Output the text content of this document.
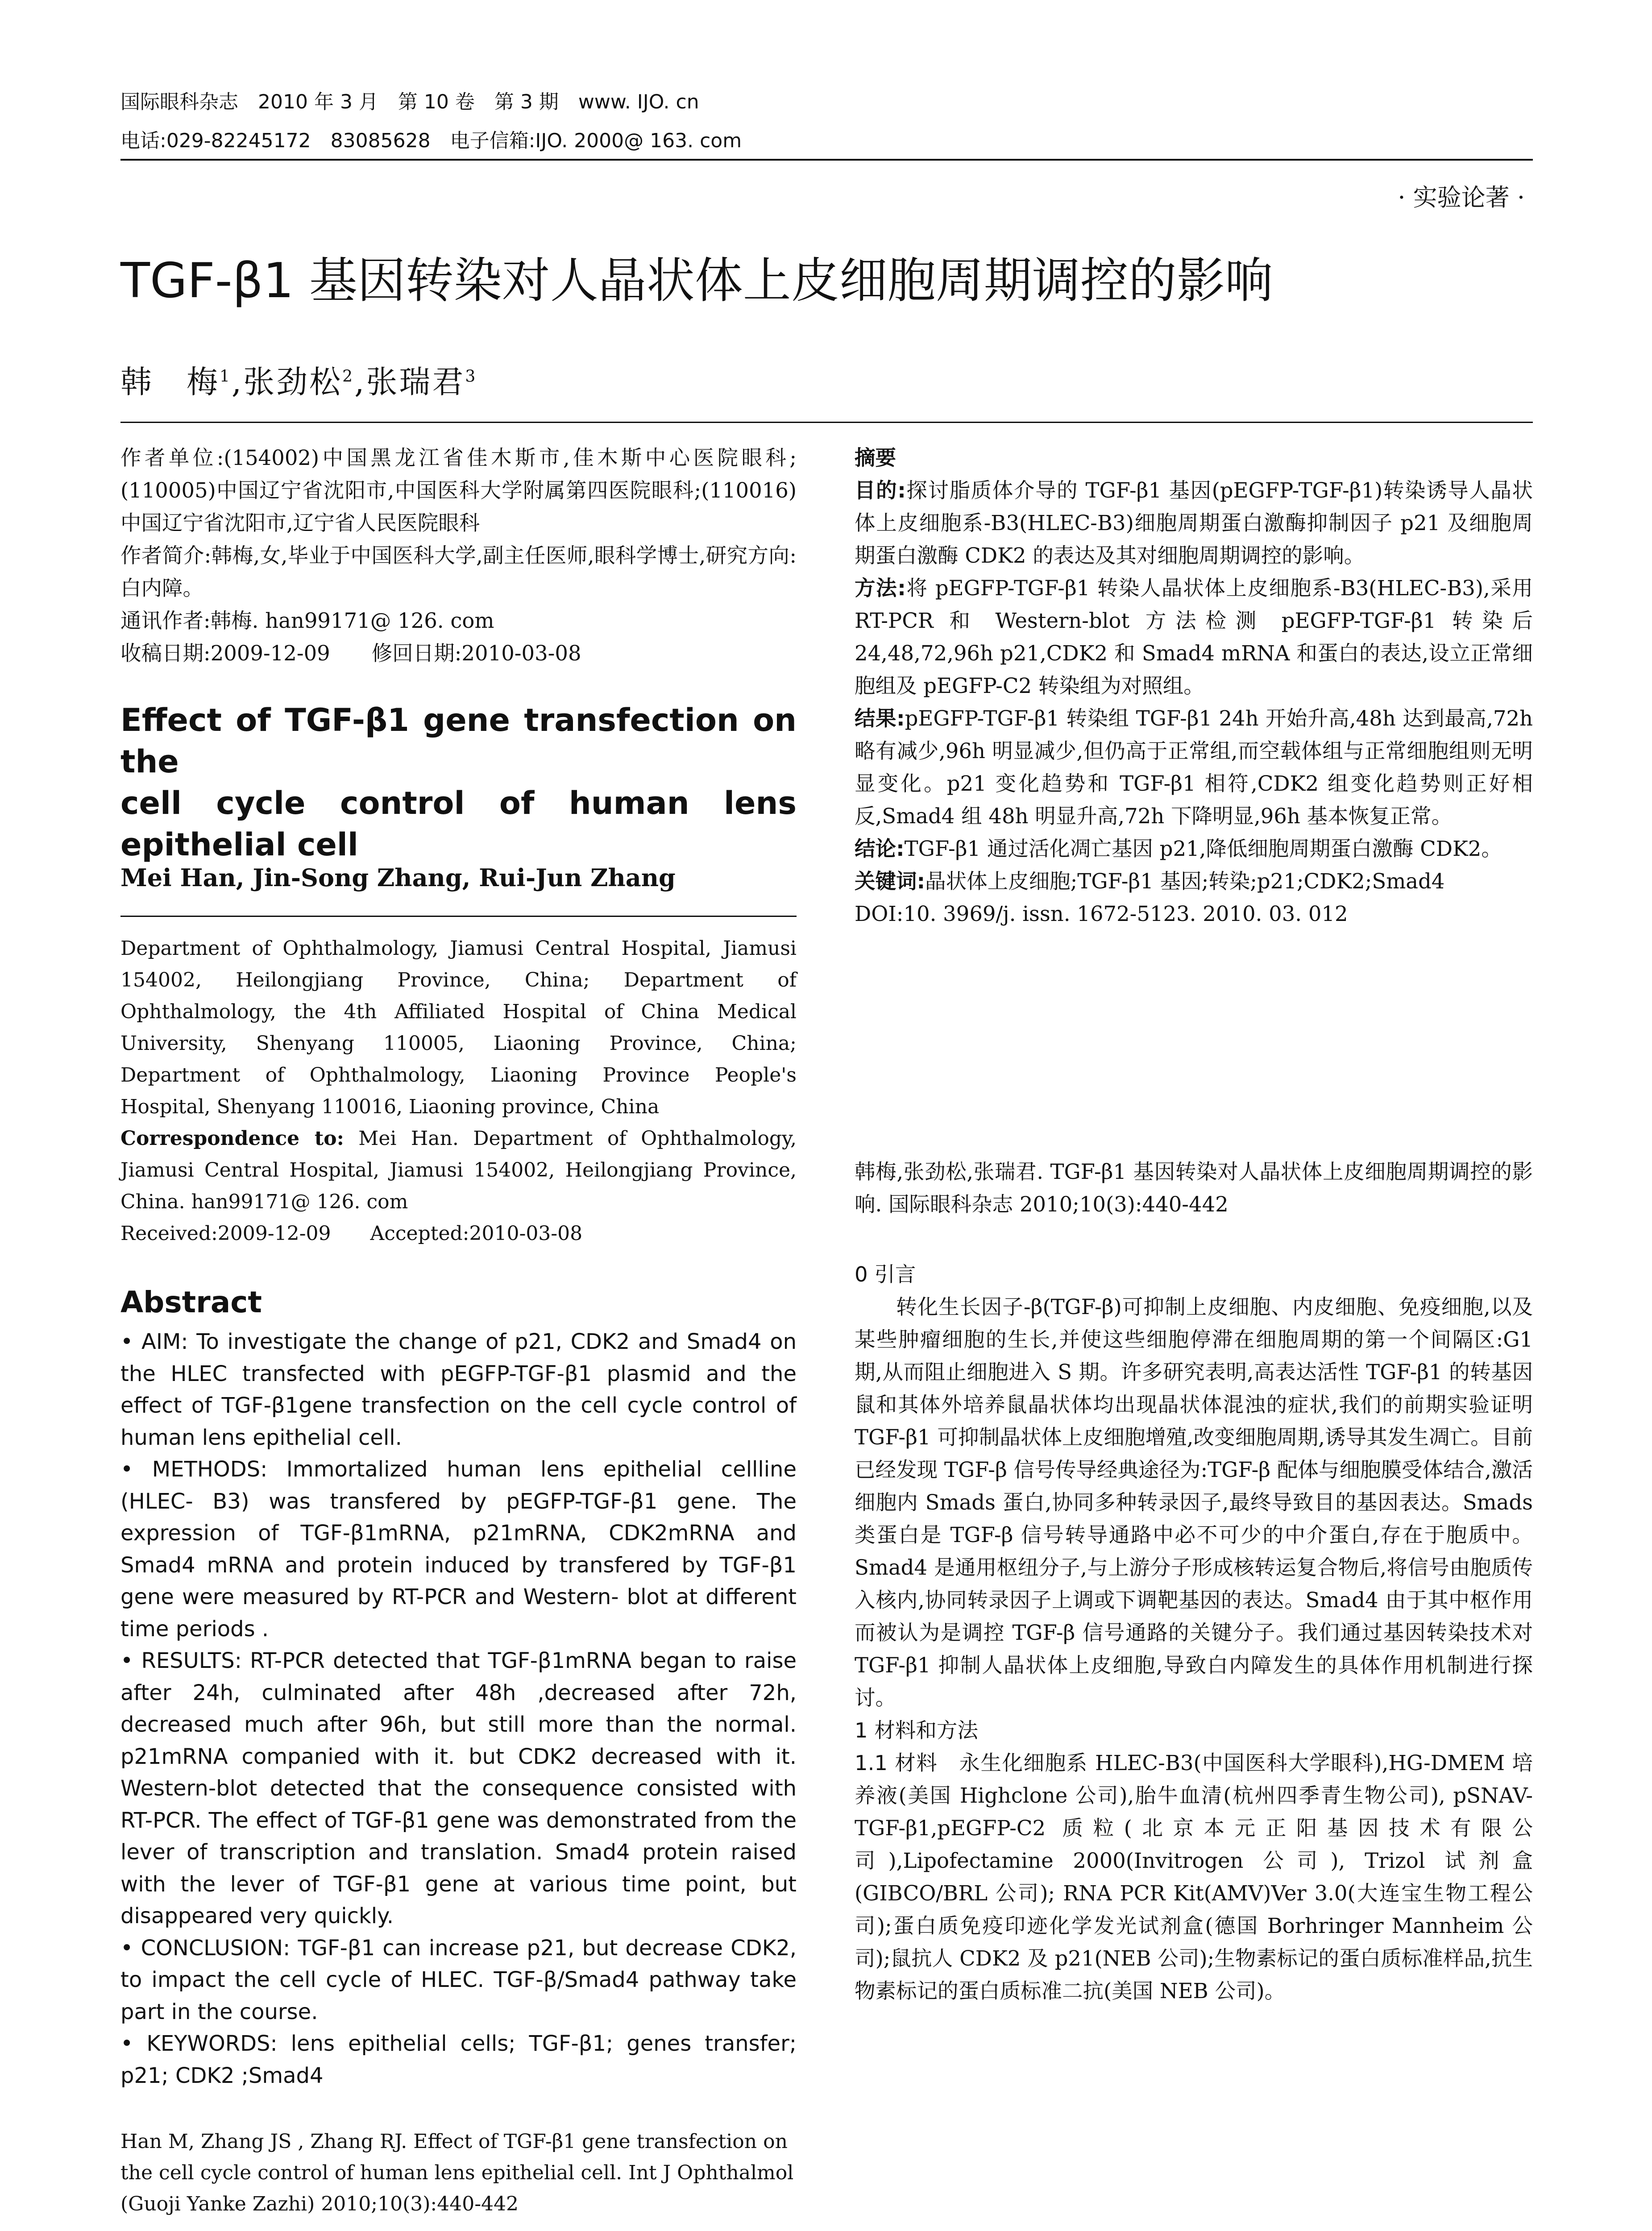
国际眼科杂志　2010 年 3 月　第 10 卷　第 3 期　www. IJO. cn
电话:029-82245172　83085628　电子信箱:IJO. 2000@ 163. com
· 实验论著 ·
TGF-β1 基因转染对人晶状体上皮细胞周期调控的影响
韩　梅$^1$,张劲松$^2$,张瑞君$^3$

作者单位:(154002)中国黑龙江省佳木斯市,佳木斯中心医院眼科;(110005)中国辽宁省沈阳市,中国医科大学附属第四医院眼科;(110016)中国辽宁省沈阳市,辽宁省人民医院眼科

作者简介:韩梅,女,毕业于中国医科大学,副主任医师,眼科学博士,研究方向:白内障。

通讯作者:韩梅. han99171@ 126. com

收稿日期:2009-12-09　　修回日期:2010-03-08

Effect of TGF-β1 gene transfection on the
cell cycle control of human lens
epithelial cell
Mei Han, Jin-Song Zhang, Rui-Jun Zhang

Department of Ophthalmology, Jiamusi Central Hospital, Jiamusi 154002, Heilongjiang Province, China; Department of Ophthalmology, the 4th Affiliated Hospital of China Medical University, Shenyang 110005, Liaoning Province, China; Department of Ophthalmology, Liaoning Province People's Hospital, Shenyang 110016, Liaoning province, China

Correspondence to: Mei Han. Department of Ophthalmology, Jiamusi Central Hospital, Jiamusi 154002, Heilongjiang Province, China. han99171@ 126. com

Received:2009-12-09　　Accepted:2010-03-08

Abstract

• AIM: To investigate the change of p21, CDK2 and Smad4 on the HLEC transfected with pEGFP-TGF-β1 plasmid and the effect of TGF-β1gene transfection on the cell cycle control of human lens epithelial cell.

• METHODS: Immortalized human lens epithelial cellline (HLEC- B3) was transfered by pEGFP-TGF-β1 gene. The expression of TGF-β1mRNA, p21mRNA, CDK2mRNA and Smad4 mRNA and protein induced by transfered by TGF-β1 gene were measured by RT-PCR and Western- blot at different time periods .

• RESULTS: RT-PCR detected that TGF-β1mRNA began to raise after 24h, culminated after 48h ,decreased after 72h, decreased much after 96h, but still more than the normal. p21mRNA companied with it. but CDK2 decreased with it. Western-blot detected that the consequence consisted with RT-PCR. The effect of TGF-β1 gene was demonstrated from the lever of transcription and translation. Smad4 protein raised with the lever of TGF-β1 gene at various time point, but disappeared very quickly.

• CONCLUSION: TGF-β1 can increase p21, but decrease CDK2, to impact the cell cycle of HLEC. TGF-β/Smad4 pathway take part in the course.

• KEYWORDS: lens epithelial cells; TGF-β1; genes transfer; p21; CDK2 ;Smad4

Han M, Zhang JS , Zhang RJ. Effect of TGF-β1 gene transfection on the cell cycle control of human lens epithelial cell. Int J Ophthalmol (Guoji Yanke Zazhi) 2010;10(3):440-442

摘要

目的:探讨脂质体介导的 TGF-β1 基因(pEGFP-TGF-β1)转染诱导人晶状体上皮细胞系-B3(HLEC-B3)细胞周期蛋白激酶抑制因子 p21 及细胞周期蛋白激酶 CDK2 的表达及其对细胞周期调控的影响。

方法:将 pEGFP-TGF-β1 转染人晶状体上皮细胞系-B3(HLEC-B3),采用 RT-PCR 和 Western-blot 方法检测 pEGFP-TGF-β1 转染后 24,48,72,96h p21,CDK2 和 Smad4 mRNA 和蛋白的表达,设立正常细胞组及 pEGFP-C2 转染组为对照组。

结果:pEGFP-TGF-β1 转染组 TGF-β1 24h 开始升高,48h 达到最高,72h 略有减少,96h 明显减少,但仍高于正常组,而空载体组与正常细胞组则无明显变化。p21 变化趋势和 TGF-β1 相符,CDK2 组变化趋势则正好相反,Smad4 组 48h 明显升高,72h 下降明显,96h 基本恢复正常。

结论:TGF-β1 通过活化凋亡基因 p21,降低细胞周期蛋白激酶 CDK2。

关键词:晶状体上皮细胞;TGF-β1 基因;转染;p21;CDK2;Smad4

DOI:10. 3969/j. issn. 1672-5123. 2010. 03. 012

韩梅,张劲松,张瑞君. TGF-β1 基因转染对人晶状体上皮细胞周期调控的影响. 国际眼科杂志 2010;10(3):440-442

0 引言

转化生长因子-β(TGF-β)可抑制上皮细胞、内皮细胞、免疫细胞,以及某些肿瘤细胞的生长,并使这些细胞停滞在细胞周期的第一个间隔区:G1 期,从而阻止细胞进入 S 期。许多研究表明,高表达活性 TGF-β1 的转基因鼠和其体外培养鼠晶状体均出现晶状体混浊的症状,我们的前期实验证明 TGF-β1 可抑制晶状体上皮细胞增殖,改变细胞周期,诱导其发生凋亡。目前已经发现 TGF-β 信号传导经典途径为:TGF-β 配体与细胞膜受体结合,激活细胞内 Smads 蛋白,协同多种转录因子,最终导致目的基因表达。Smads 类蛋白是 TGF-β 信号转导通路中必不可少的中介蛋白,存在于胞质中。Smad4 是通用枢纽分子,与上游分子形成核转运复合物后,将信号由胞质传入核内,协同转录因子上调或下调靶基因的表达。Smad4 由于其中枢作用而被认为是调控 TGF-β 信号通路的关键分子。我们通过基因转染技术对 TGF-β1 抑制人晶状体上皮细胞,导致白内障发生的具体作用机制进行探讨。

1 材料和方法

1.1 材料　永生化细胞系 HLEC-B3(中国医科大学眼科),HG-DMEM 培养液(美国 Highclone 公司),胎牛血清(杭州四季青生物公司), pSNAV-TGF-β1,pEGFP-C2 质粒(北京本元正阳基因技术有限公司),Lipofectamine 2000(Invitrogen 公司), Trizol 试剂盒(GIBCO/BRL 公司); RNA PCR Kit(AMV)Ver 3.0(大连宝生物工程公司);蛋白质免疫印迹化学发光试剂盒(德国 Borhringer Mannheim 公司);鼠抗人 CDK2 及 p21(NEB 公司);生物素标记的蛋白质标准样品,抗生物素标记的蛋白质标准二抗(美国 NEB 公司)。
